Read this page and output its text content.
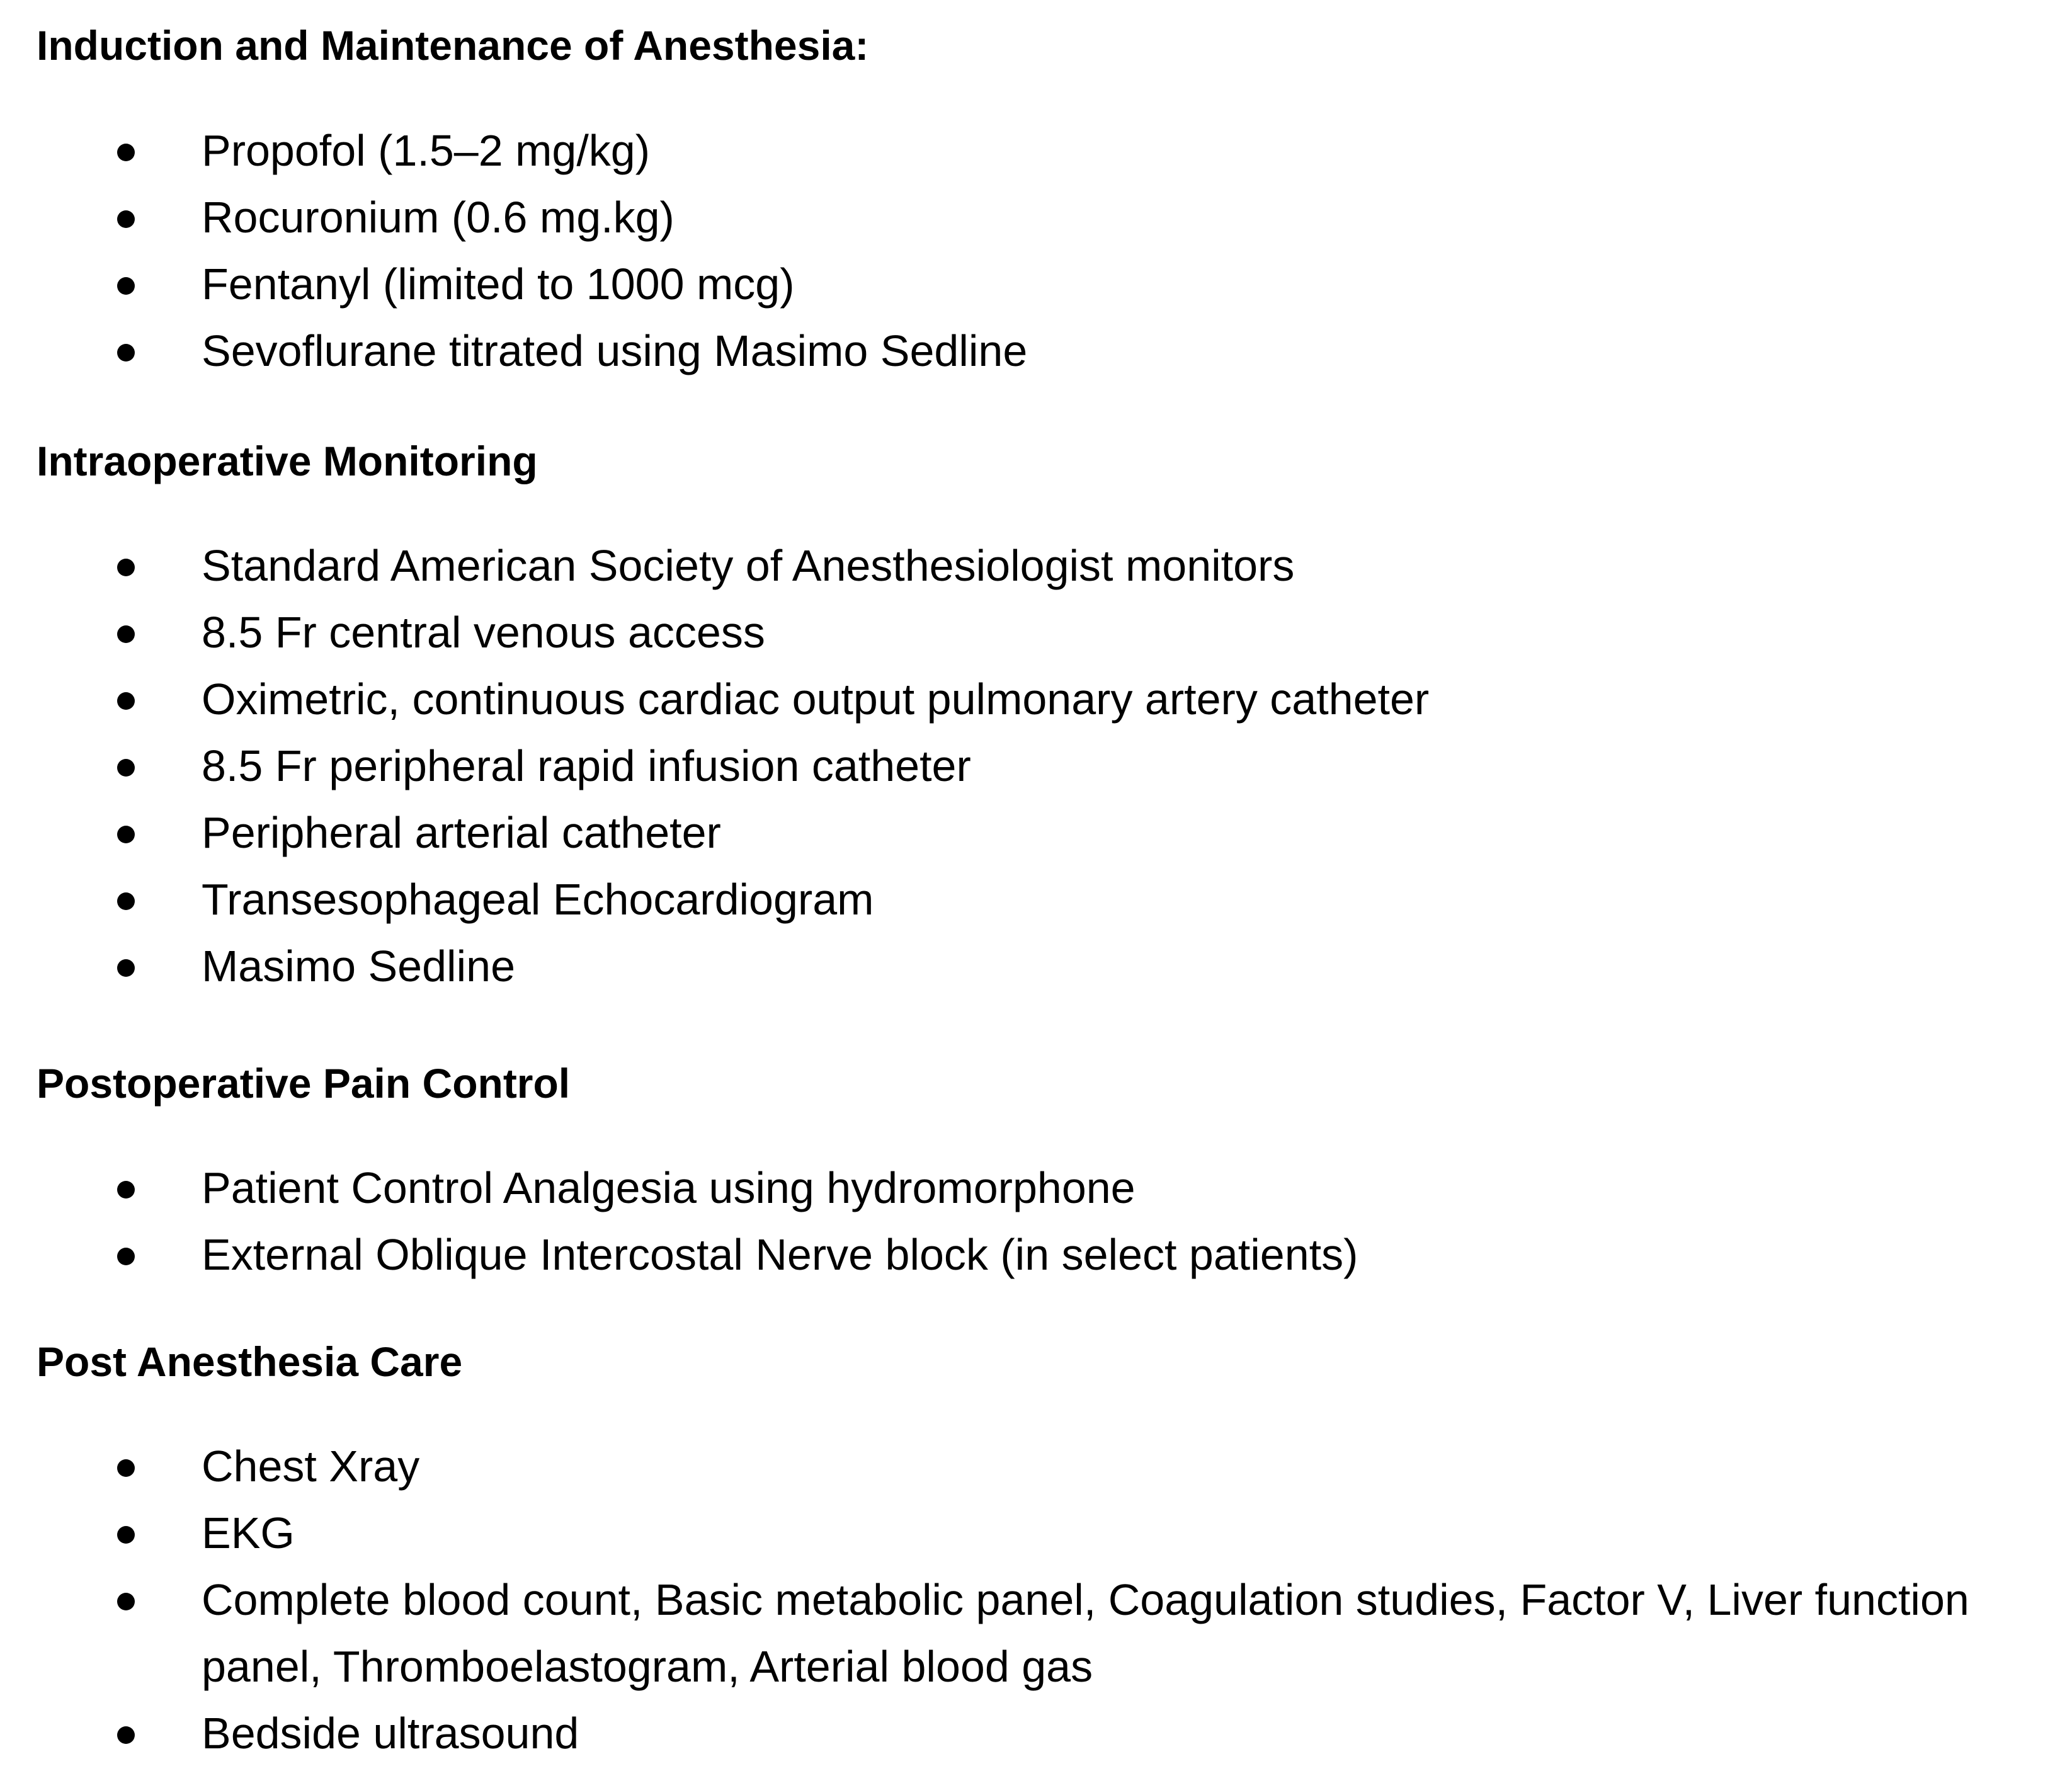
Induction and Maintenance of Anesthesia:
Propofol (1.5–2 mg/kg)
Rocuronium (0.6 mg.kg)
Fentanyl (limited to 1000 mcg)
Sevoflurane titrated using Masimo Sedline
Intraoperative Monitoring
Standard American Society of Anesthesiologist monitors
8.5 Fr central venous access
Oximetric, continuous cardiac output pulmonary artery catheter
8.5 Fr peripheral rapid infusion catheter
Peripheral arterial catheter
Transesophageal Echocardiogram
Masimo Sedline
Postoperative Pain Control
Patient Control Analgesia using hydromorphone
External Oblique Intercostal Nerve block (in select patients)
Post Anesthesia Care
Chest Xray
EKG
Complete blood count, Basic metabolic panel, Coagulation studies, Factor V, Liver function panel, Thromboelastogram, Arterial blood gas
Bedside ultrasound
